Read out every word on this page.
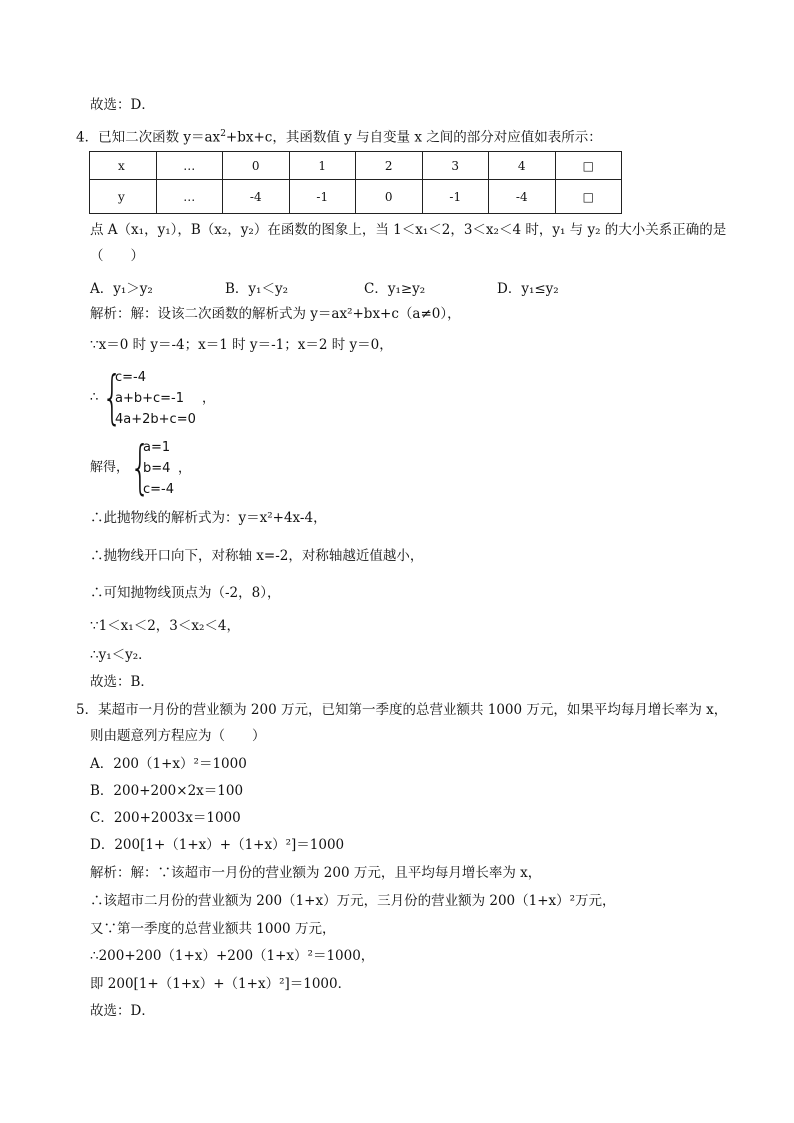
故选：D．
4．已知二次函数 $y=ax^2+bx+c$，其函数值 y 与自变量 x 之间的部分对应值如表所示：
x	…	0	1	2	3	4	□
y	…	-4	-1	0	-1	-4	□
点 A（x₁，y₁），B（x₂，y₂）在函数的图象上，当 1＜x₁＜2，3＜x₂＜4 时，y₁ 与 y₂ 的大小关系正确的是
（　　）
A．y₁＞y₂	B．y₁＜y₂	C．y₁≥y₂	D．y₁≤y₂
解析：解：设该二次函数的解析式为 y＝ax²+bx+c（a≠0），
∵x＝0 时 y＝-4；x＝1 时 y＝-1；x＝2 时 y＝0，
∴ {
c=-4
a+b+c=-1
4a+2b+c=0
，
解得， {
a=1
b=4
c=-4
，
∴此抛物线的解析式为：y＝x²+4x-4，
∴抛物线开口向下，对称轴 x=-2，对称轴越近值越小，
∴可知抛物线顶点为（-2，8），
∵1＜x₁＜2，3＜x₂＜4，
∴y₁＜y₂．
故选：B．
5．某超市一月份的营业额为 200 万元，已知第一季度的总营业额共 1000 万元，如果平均每月增长率为 x，
则由题意列方程应为（　　）
A．200（1+x）²＝1000
B．200+200×2x＝100
C．200+2003x＝1000
D．200[1+（1+x）+（1+x）²]＝1000
解析：解：∵该超市一月份的营业额为 200 万元，且平均每月增长率为 x，
∴该超市二月份的营业额为 200（1+x）万元，三月份的营业额为 200（1+x）²万元，
又∵第一季度的总营业额共 1000 万元，
∴200+200（1+x）+200（1+x）²＝1000，
即 200[1+（1+x）+（1+x）²]＝1000．
故选：D．
